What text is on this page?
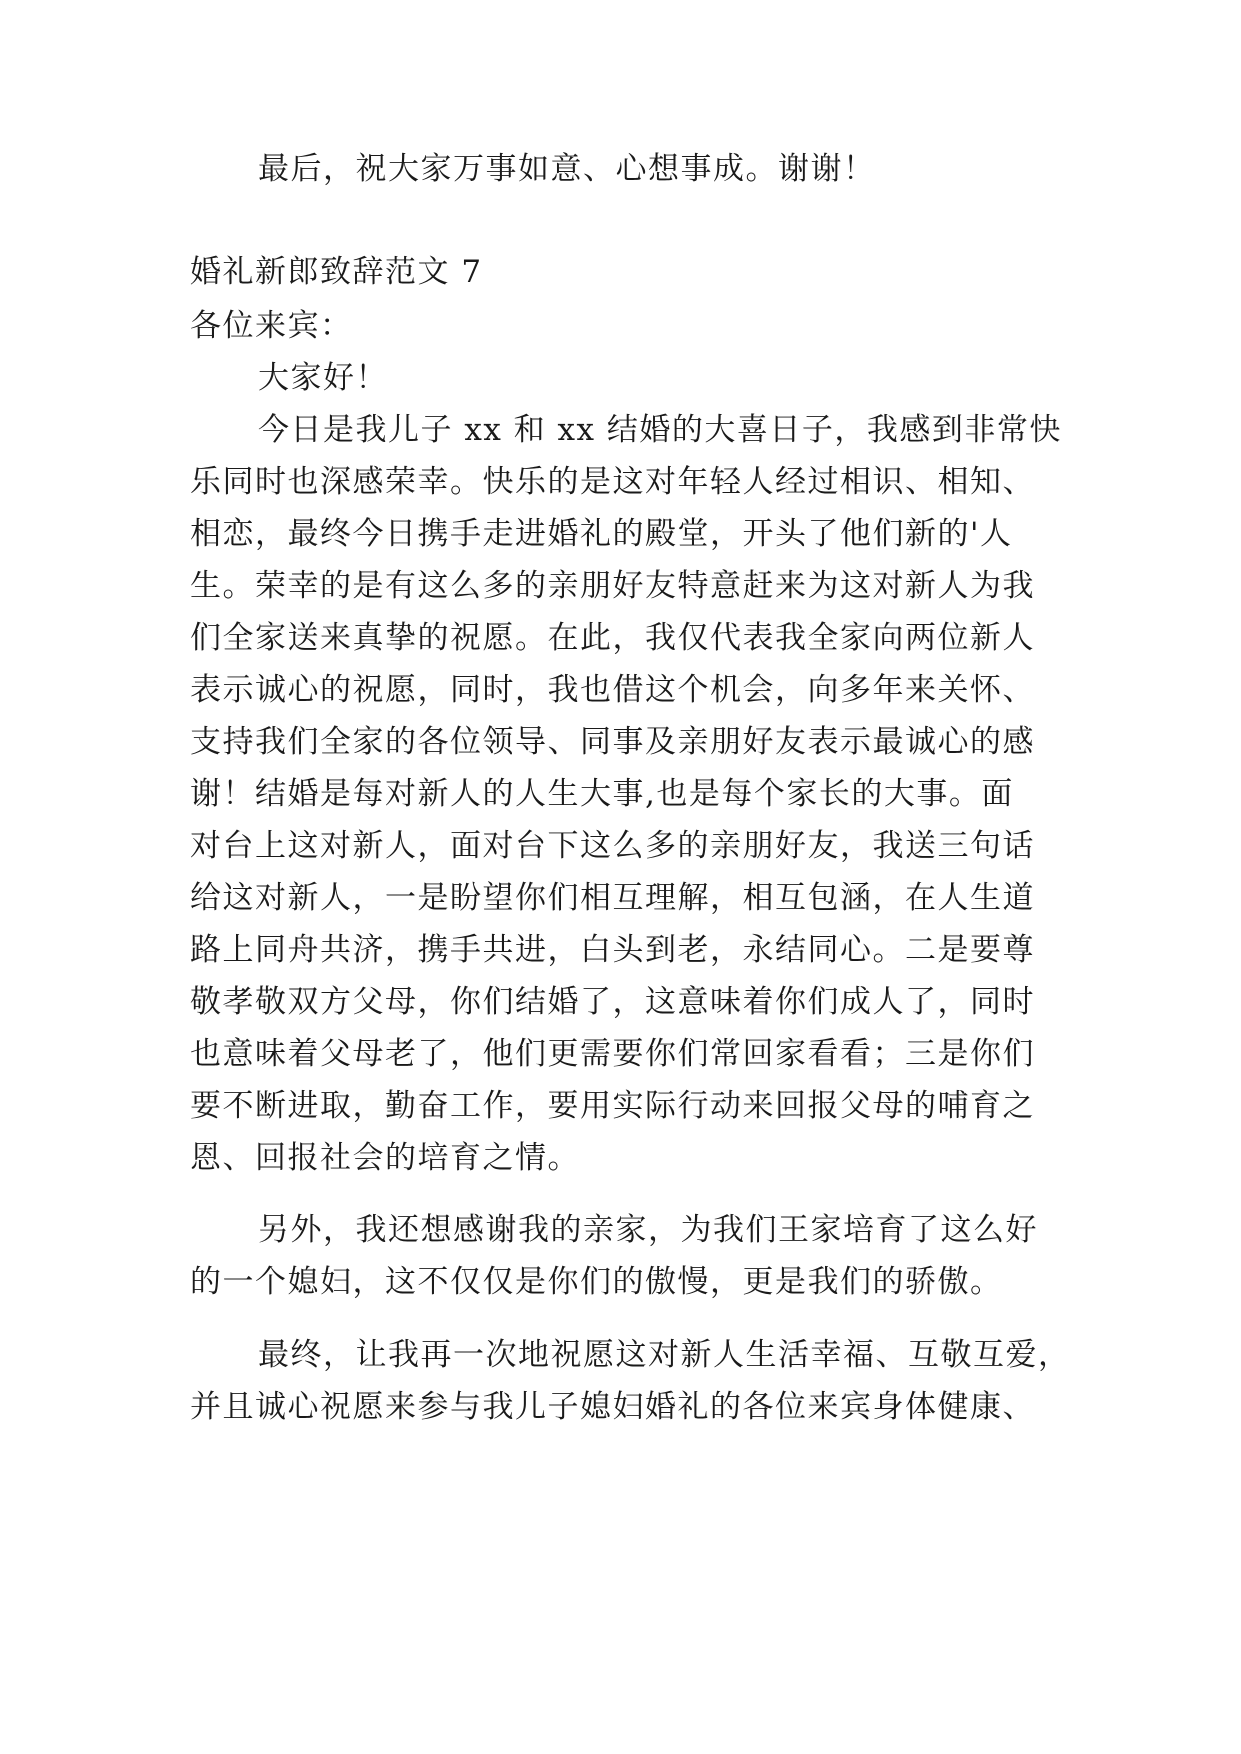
最后，祝大家万事如意、心想事成。谢谢！
婚礼新郎致辞范文 7
各位来宾：
大家好！
今日是我儿子 xx 和 xx 结婚的大喜日子，我感到非常快
乐同时也深感荣幸。快乐的是这对年轻人经过相识、相知、
相恋，最终今日携手走进婚礼的殿堂，开头了他们新的'人
生。荣幸的是有这么多的亲朋好友特意赶来为这对新人为我
们全家送来真挚的祝愿。在此，我仅代表我全家向两位新人
表示诚心的祝愿，同时，我也借这个机会，向多年来关怀、
支持我们全家的各位领导、同事及亲朋好友表示最诚心的感
谢！结婚是每对新人的人生大事,也是每个家长的大事。面
对台上这对新人，面对台下这么多的亲朋好友，我送三句话
给这对新人，一是盼望你们相互理解，相互包涵，在人生道
路上同舟共济，携手共进，白头到老，永结同心。二是要尊
敬孝敬双方父母，你们结婚了，这意味着你们成人了，同时
也意味着父母老了，他们更需要你们常回家看看；三是你们
要不断进取，勤奋工作，要用实际行动来回报父母的哺育之
恩、回报社会的培育之情。
另外，我还想感谢我的亲家，为我们王家培育了这么好
的一个媳妇，这不仅仅是你们的傲慢，更是我们的骄傲。
最终，让我再一次地祝愿这对新人生活幸福、互敬互爱，
并且诚心祝愿来参与我儿子媳妇婚礼的各位来宾身体健康、
